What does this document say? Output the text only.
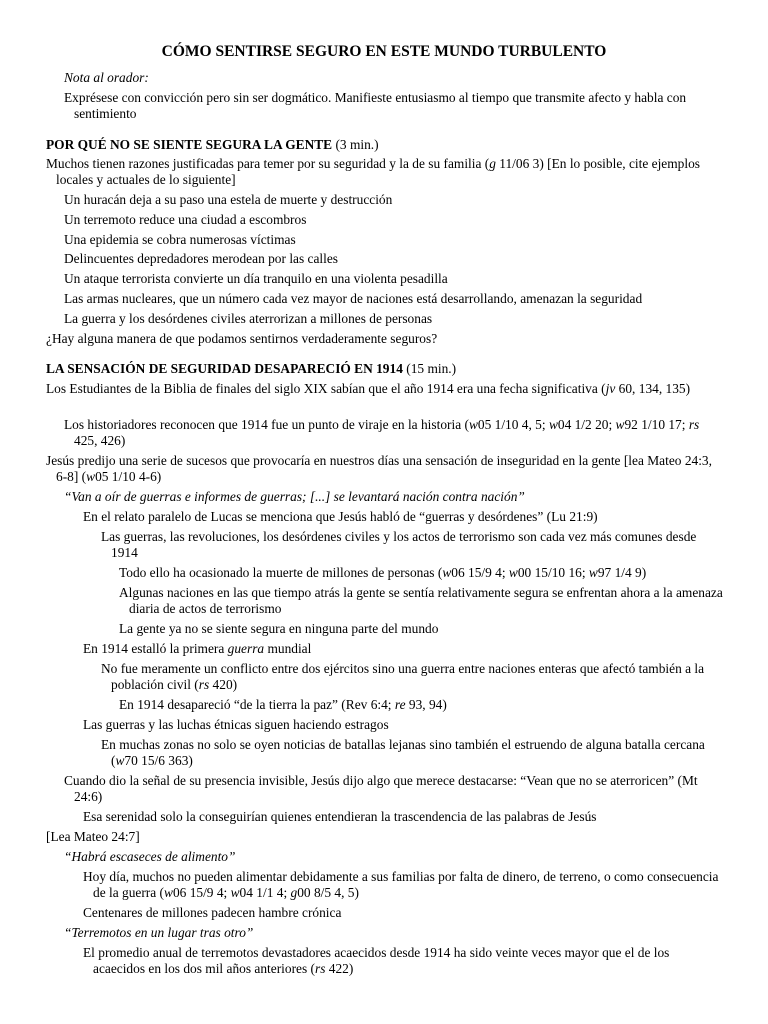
CÓMO SENTIRSE SEGURO EN ESTE MUNDO TURBULENTO
Nota al orador:
Exprésese con convicción pero sin ser dogmático. Manifieste entusiasmo al tiempo que transmite afecto y habla con sentimiento
POR QUÉ NO SE SIENTE SEGURA LA GENTE (3 min.)
Muchos tienen razones justificadas para temer por su seguridad y la de su familia (g 11/06 3) [En lo posible, cite ejemplos locales y actuales de lo siguiente]
Un huracán deja a su paso una estela de muerte y destrucción
Un terremoto reduce una ciudad a escombros
Una epidemia se cobra numerosas víctimas
Delincuentes depredadores merodean por las calles
Un ataque terrorista convierte un día tranquilo en una violenta pesadilla
Las armas nucleares, que un número cada vez mayor de naciones está desarrollando, amenazan la seguridad
La guerra y los desórdenes civiles aterrorizan a millones de personas
¿Hay alguna manera de que podamos sentirnos verdaderamente seguros?
LA SENSACIÓN DE SEGURIDAD DESAPARECIÓ EN 1914 (15 min.)
Los Estudiantes de la Biblia de finales del siglo XIX sabían que el año 1914 era una fecha significativa (jv 60, 134, 135)
Los historiadores reconocen que 1914 fue un punto de viraje en la historia (w05 1/10 4, 5; w04 1/2 20; w92 1/10 17; rs 425, 426)
Jesús predijo una serie de sucesos que provocaría en nuestros días una sensación de inseguridad en la gente [lea Mateo 24:3, 6-8] (w05 1/10 4-6)
“Van a oír de guerras e informes de guerras; [...] se levantará nación contra nación”
En el relato paralelo de Lucas se menciona que Jesús habló de “guerras y desórdenes” (Lu 21:9)
Las guerras, las revoluciones, los desórdenes civiles y los actos de terrorismo son cada vez más comunes desde 1914
Todo ello ha ocasionado la muerte de millones de personas (w06 15/9 4; w00 15/10 16; w97 1/4 9)
Algunas naciones en las que tiempo atrás la gente se sentía relativamente segura se enfrentan ahora a la amenaza diaria de actos de terrorismo
La gente ya no se siente segura en ninguna parte del mundo
En 1914 estalló la primera guerra mundial
No fue meramente un conflicto entre dos ejércitos sino una guerra entre naciones enteras que afectó también a la población civil (rs 420)
En 1914 desapareció “de la tierra la paz” (Rev 6:4; re 93, 94)
Las guerras y las luchas étnicas siguen haciendo estragos
En muchas zonas no solo se oyen noticias de batallas lejanas sino también el estruendo de alguna batalla cercana (w70 15/6 363)
Cuando dio la señal de su presencia invisible, Jesús dijo algo que merece destacarse: “Vean que no se aterroricen” (Mt 24:6)
Esa serenidad solo la conseguirían quienes entendieran la trascendencia de las palabras de Jesús
[Lea Mateo 24:7]
“Habrá escaseces de alimento”
Hoy día, muchos no pueden alimentar debidamente a sus familias por falta de dinero, de terreno, o como consecuencia de la guerra (w06 15/9 4; w04 1/1 4; g00 8/5 4, 5)
Centenares de millones padecen hambre crónica
“Terremotos en un lugar tras otro”
El promedio anual de terremotos devastadores acaecidos desde 1914 ha sido veinte veces mayor que el de los acaecidos en los dos mil años anteriores (rs 422)
